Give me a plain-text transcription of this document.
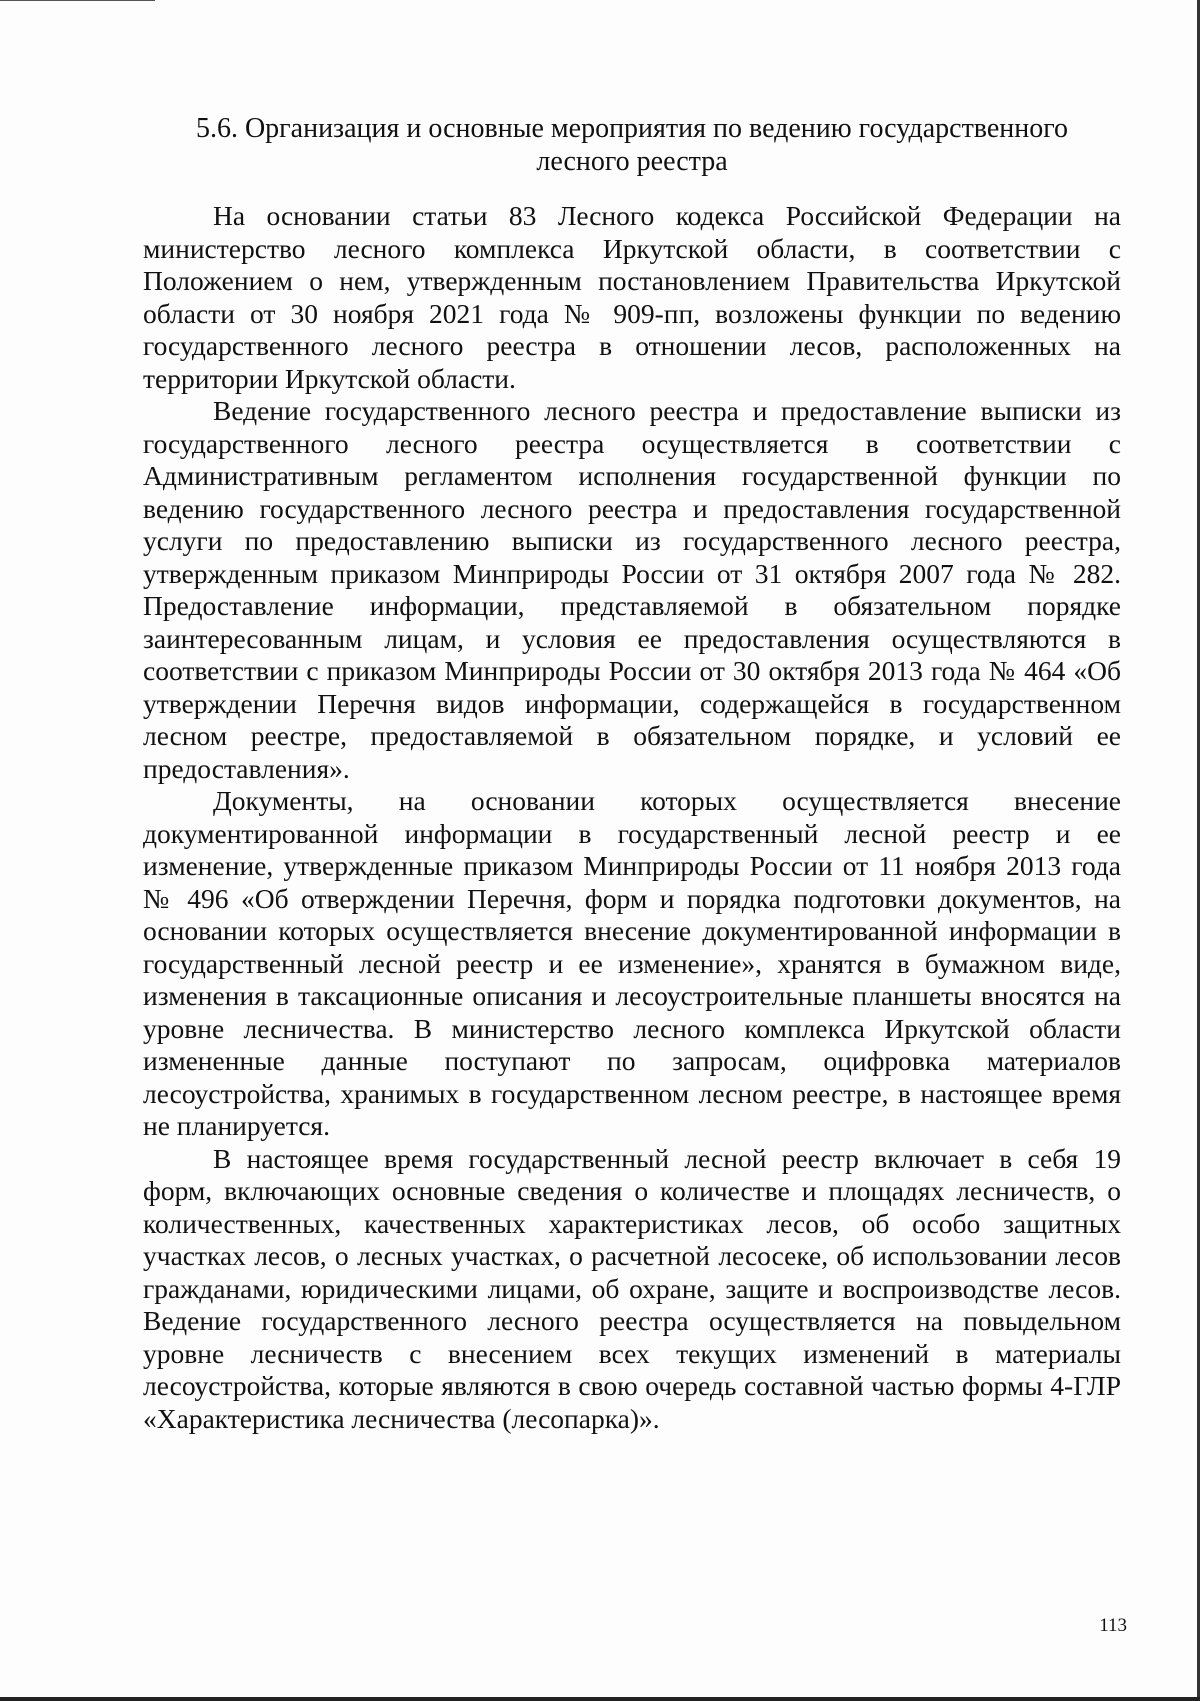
5.6. Организация и основные мероприятия по ведению государственного
лесного реестра

На основании статьи 83 Лесного кодекса Российской Федерации на министерство лесного комплекса Иркутской области, в соответствии с Положением о нем, утвержденным постановлением Правительства Иркутской области от 30 ноября 2021 года № 909-пп, возложены функции по ведению государственного лесного реестра в отношении лесов, расположенных на территории Иркутской области.

Ведение государственного лесного реестра и предоставление выписки из государственного лесного реестра осуществляется в соответствии с Административным регламентом исполнения государственной функции по ведению государственного лесного реестра и предоставления государственной услуги по предоставлению выписки из государственного лесного реестра, утвержденным приказом Минприроды России от 31 октября 2007 года № 282. Предоставление информации, представляемой в обязательном порядке заинтересованным лицам, и условия ее предоставления осуществляются в соответствии с приказом Минприроды России от 30 октября 2013 года № 464 «Об утверждении Перечня видов информации, содержащейся в государственном лесном реестре, предоставляемой в обязательном порядке, и условий ее предоставления».

Документы, на основании которых осуществляется внесение документированной информации в государственный лесной реестр и ее изменение, утвержденные приказом Минприроды России от 11 ноября 2013 года № 496 «Об отверждении Перечня, форм и порядка подготовки документов, на основании которых осуществляется внесение документированной информации в государственный лесной реестр и ее изменение», хранятся в бумажном виде, изменения в таксационные описания и лесоустроительные планшеты вносятся на уровне лесничества. В министерство лесного комплекса Иркутской области измененные данные поступают по запросам, оцифровка материалов лесоустройства, хранимых в государственном лесном реестре, в настоящее время не планируется.

В настоящее время государственный лесной реестр включает в себя 19 форм, включающих основные сведения о количестве и площадях лесничеств, о количественных, качественных характеристиках лесов, об особо защитных участках лесов, о лесных участках, о расчетной лесосеке, об использовании лесов гражданами, юридическими лицами, об охране, защите и воспроизводстве лесов. Ведение государственного лесного реестра осуществляется на повыдельном уровне лесничеств с внесением всех текущих изменений в материалы лесоустройства, которые являются в свою очередь составной частью формы 4-ГЛР «Характеристика лесничества (лесопарка)».

113
